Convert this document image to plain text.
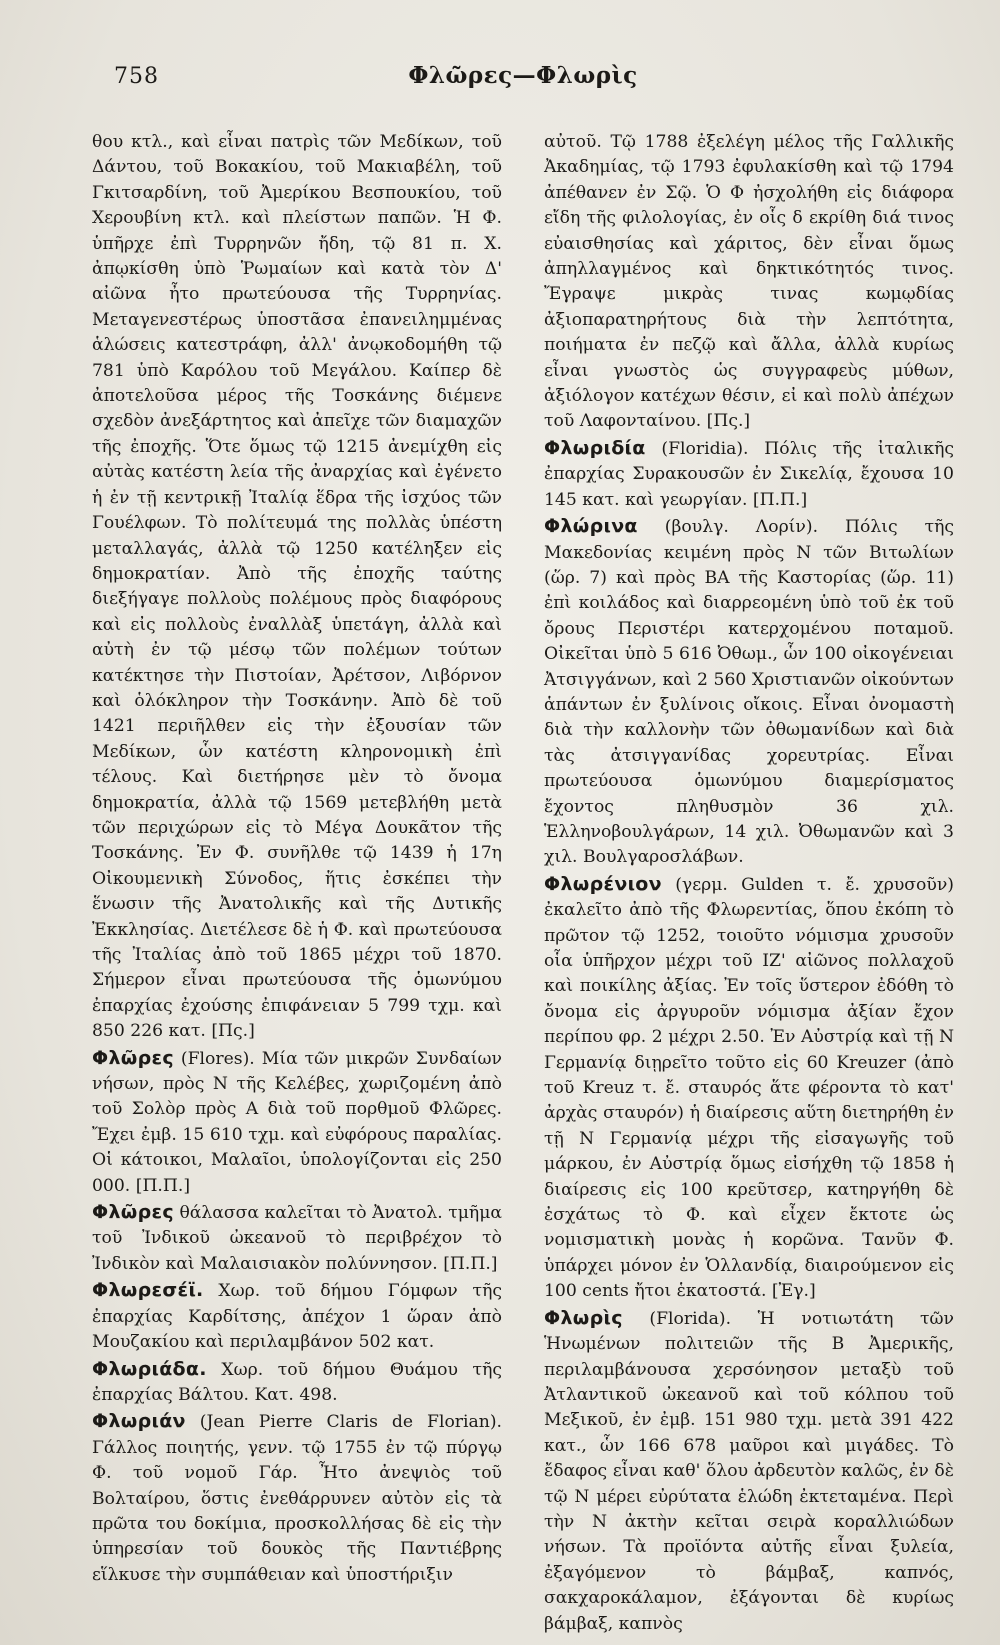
758	Φλῶρες—Φλωρὶς

θου κτλ., καὶ εἶναι πατρὶς τῶν Μεδίκων, τοῦ Δάντου, τοῦ Βοκακίου, τοῦ Μακιαβέλη, τοῦ Γκιτσαρδίνη, τοῦ Ἀμερίκου Βεσπουκίου, τοῦ Χερουβίνη κτλ. καὶ πλείστων παπῶν. Ἡ Φ. ὑπῆρχε ἐπὶ Τυρρηνῶν ἤδη, τῷ 81 π. Χ. ἀπῳκίσθη ὑπὸ Ῥωμαίων καὶ κατὰ τὸν Δ' αἰῶνα ἦτο πρωτεύουσα τῆς Τυρρηνίας. Μεταγενεστέρως ὑποστᾶσα ἐπανειλημμένας ἁλώσεις κατεστράφη, ἀλλ' ἀνῳκοδομήθη τῷ 781 ὑπὸ Καρόλου τοῦ Μεγάλου. Καίπερ δὲ ἀποτελοῦσα μέρος τῆς Τοσκάνης διέμενε σχεδὸν ἀνεξάρτητος καὶ ἀπεῖχε τῶν διαμαχῶν τῆς ἐποχῆς. Ὅτε ὅμως τῷ 1215 ἀνεμίχθη εἰς αὐτὰς κατέστη λεία τῆς ἀναρχίας καὶ ἐγένετο ἡ ἐν τῇ κεντρικῇ Ἰταλίᾳ ἕδρα τῆς ἰσχύος τῶν Γουέλφων. Τὸ πολίτευμά της πολλὰς ὑπέστη μεταλλαγάς, ἀλλὰ τῷ 1250 κατέληξεν εἰς δημοκρατίαν. Ἀπὸ τῆς ἐποχῆς ταύτης διεξήγαγε πολλοὺς πολέμους πρὸς διαφόρους καὶ εἰς πολλοὺς ἐναλλὰξ ὑπετάγη, ἀλλὰ καὶ αὐτὴ ἐν τῷ μέσῳ τῶν πολέμων τούτων κατέκτησε τὴν Πιστοίαν, Ἀρέτσον, Λιβόρνον καὶ ὁλόκληρον τὴν Τοσκάνην. Ἀπὸ δὲ τοῦ 1421 περιῆλθεν εἰς τὴν ἐξουσίαν τῶν Μεδίκων, ὧν κατέστη κληρονομικὴ ἐπὶ τέλους. Καὶ διετήρησε μὲν τὸ ὄνομα δημοκρατία, ἀλλὰ τῷ 1569 μετεβλήθη μετὰ τῶν περιχώρων εἰς τὸ Μέγα Δουκᾶτον τῆς Τοσκάνης. Ἐν Φ. συνῆλθε τῷ 1439 ἡ 17η Οἰκουμενικὴ Σύνοδος, ἥτις ἐσκέπει τὴν ἕνωσιν τῆς Ἀνατολικῆς καὶ τῆς Δυτικῆς Ἐκκλησίας. Διετέλεσε δὲ ἡ Φ. καὶ πρωτεύουσα τῆς Ἰταλίας ἀπὸ τοῦ 1865 μέχρι τοῦ 1870. Σήμερον εἶναι πρωτεύουσα τῆς ὁμωνύμου ἐπαρχίας ἐχούσης ἐπιφάνειαν 5 799 τχμ. καὶ 850 226 κατ. [Πς.]

Φλῶρες (Flores). Μία τῶν μικρῶν Συνδαίων νήσων, πρὸς Ν τῆς Κελέβες, χωριζομένη ἀπὸ τοῦ Σολὸρ πρὸς Α διὰ τοῦ πορθμοῦ Φλῶρες. Ἔχει ἐμβ. 15 610 τχμ. καὶ εὐφόρους παραλίας. Οἱ κάτοικοι, Μαλαῖοι, ὑπολογίζονται εἰς 250 000. [Π.Π.]

Φλῶρες θάλασσα καλεῖται τὸ Ἀνατολ. τμῆμα τοῦ Ἰνδικοῦ ὠκεανοῦ τὸ περιβρέχον τὸ Ἰνδικὸν καὶ Μαλαισιακὸν πολύννησον. [Π.Π.]

Φλωρεσέϊ. Χωρ. τοῦ δήμου Γόμφων τῆς ἐπαρχίας Καρδίτσης, ἀπέχον 1 ὥραν ἀπὸ Μουζακίου καὶ περιλαμβάνον 502 κατ.

Φλωριάδα. Χωρ. τοῦ δήμου Θυάμου τῆς ἐπαρχίας Βάλτου. Κατ. 498.

Φλωριάν (Jean Pierre Claris de Florian). Γάλλος ποιητής, γενν. τῷ 1755 ἐν τῷ πύργῳ Φ. τοῦ νομοῦ Γάρ. Ἦτο ἀνεψιὸς τοῦ Βολταίρου, ὅστις ἐνεθάρρυνεν αὐτὸν εἰς τὰ πρῶτα του δοκίμια, προσκολλήσας δὲ εἰς τὴν ὑπηρεσίαν τοῦ δουκὸς τῆς Παντιέβρης εἵλκυσε τὴν συμπάθειαν καὶ ὑποστήριξιν

αὐτοῦ. Τῷ 1788 ἐξελέγη μέλος τῆς Γαλλικῆς Ἀκαδημίας, τῷ 1793 ἐφυλακίσθη καὶ τῷ 1794 ἀπέθανεν ἐν Σῷ. Ὁ Φ ἠσχολήθη εἰς διάφορα εἴδη τῆς φιλολογίας, ἐν οἷς δ εκρίθη διά τινος εὐαισθησίας καὶ χάριτος, δὲν εἶναι ὅμως ἀπηλλαγμένος καὶ δηκτικότητός τινος. Ἔγραψε μικρὰς τινας κωμῳδίας ἀξιοπαρατηρήτους διὰ τὴν λεπτότητα, ποιήματα ἐν πεζῷ καὶ ἄλλα, ἀλλὰ κυρίως εἶναι γνωστὸς ὡς συγγραφεὺς μύθων, ἀξιόλογον κατέχων θέσιν, εἰ καὶ πολὺ ἀπέχων τοῦ Λαφονταίνου. [Πς.]

Φλωριδία (Floridia). Πόλις τῆς ἰταλικῆς ἐπαρχίας Συρακουσῶν ἐν Σικελίᾳ, ἔχουσα 10 145 κατ. καὶ γεωργίαν. [Π.Π.]

Φλώρινα (βουλγ. Λορίν). Πόλις τῆς Μακεδονίας κειμένη πρὸς Ν τῶν Βιτωλίων (ὥρ. 7) καὶ πρὸς ΒΑ τῆς Καστορίας (ὥρ. 11) ἐπὶ κοιλάδος καὶ διαρρεομένη ὑπὸ τοῦ ἐκ τοῦ ὄρους Περιστέρι κατερχομένου ποταμοῦ. Οἰκεῖται ὑπὸ 5 616 Ὀθωμ., ὧν 100 οἰκογένειαι Ἀτσιγγάνων, καὶ 2 560 Χριστιανῶν οἰκούντων ἁπάντων ἐν ξυλίνοις οἴκοις. Εἶναι ὀνομαστὴ διὰ τὴν καλλονὴν τῶν ὀθωμανίδων καὶ διὰ τὰς ἀτσιγγανίδας χορευτρίας. Εἶναι πρωτεύουσα ὁμωνύμου διαμερίσματος ἔχοντος πληθυσμὸν 36 χιλ. Ἑλληνοβουλγάρων, 14 χιλ. Ὀθωμανῶν καὶ 3 χιλ. Βουλγαροσλάβων.

Φλωρένιον (γερμ. Gulden τ. ἔ. χρυσοῦν) ἐκαλεῖτο ἀπὸ τῆς Φλωρεντίας, ὅπου ἐκόπη τὸ πρῶτον τῷ 1252, τοιοῦτο νόμισμα χρυσοῦν οἷα ὑπῆρχον μέχρι τοῦ ΙΖ' αἰῶνος πολλαχοῦ καὶ ποικίλης ἀξίας. Ἐν τοῖς ὕστερον ἐδόθη τὸ ὄνομα εἰς ἀργυροῦν νόμισμα ἀξίαν ἔχον περίπου φρ. 2 μέχρι 2.50. Ἐν Αὐστρίᾳ καὶ τῇ Ν Γερμανίᾳ διῃρεῖτο τοῦτο εἰς 60 Kreuzer (ἀπὸ τοῦ Kreuz τ. ἔ. σταυρός ἅτε φέροντα τὸ κατ' ἀρχὰς σταυρόν) ἡ διαίρεσις αὕτη διετηρήθη ἐν τῇ Ν Γερμανίᾳ μέχρι τῆς εἰσαγωγῆς τοῦ μάρκου, ἐν Αὐστρίᾳ ὅμως εἰσήχθη τῷ 1858 ἡ διαίρεσις εἰς 100 κρεῦτσερ, κατηργήθη δὲ ἐσχάτως τὸ Φ. καὶ εἶχεν ἔκτοτε ὡς νομισματικὴ μονὰς ἡ κορῶνα. Τανῦν Φ. ὑπάρχει μόνον ἐν Ὁλλανδίᾳ, διαιρούμενον εἰς 100 cents ἤτοι ἑκατοστά. [Ἐγ.]

Φλωρὶς (Florida). Ἡ νοτιωτάτη τῶν Ἡνωμένων πολιτειῶν τῆς Β Ἀμερικῆς, περιλαμβάνουσα χερσόνησον μεταξὺ τοῦ Ἀτλαντικοῦ ὠκεανοῦ καὶ τοῦ κόλπου τοῦ Μεξικοῦ, ἐν ἐμβ. 151 980 τχμ. μετὰ 391 422 κατ., ὧν 166 678 μαῦροι καὶ μιγάδες. Τὸ ἔδαφος εἶναι καθ' ὅλου ἀρδευτὸν καλῶς, ἐν δὲ τῷ Ν μέρει εὐρύτατα ἑλώδη ἐκτεταμένα. Περὶ τὴν Ν ἀκτὴν κεῖται σειρὰ κοραλλιώδων νήσων. Τὰ προϊόντα αὐτῆς εἶναι ξυλεία, ἐξαγόμενον τὸ βάμβαξ, καπνός, σακχαροκάλαμον, ἐξάγονται δὲ κυρίως βάμβαξ, καπνὸς
